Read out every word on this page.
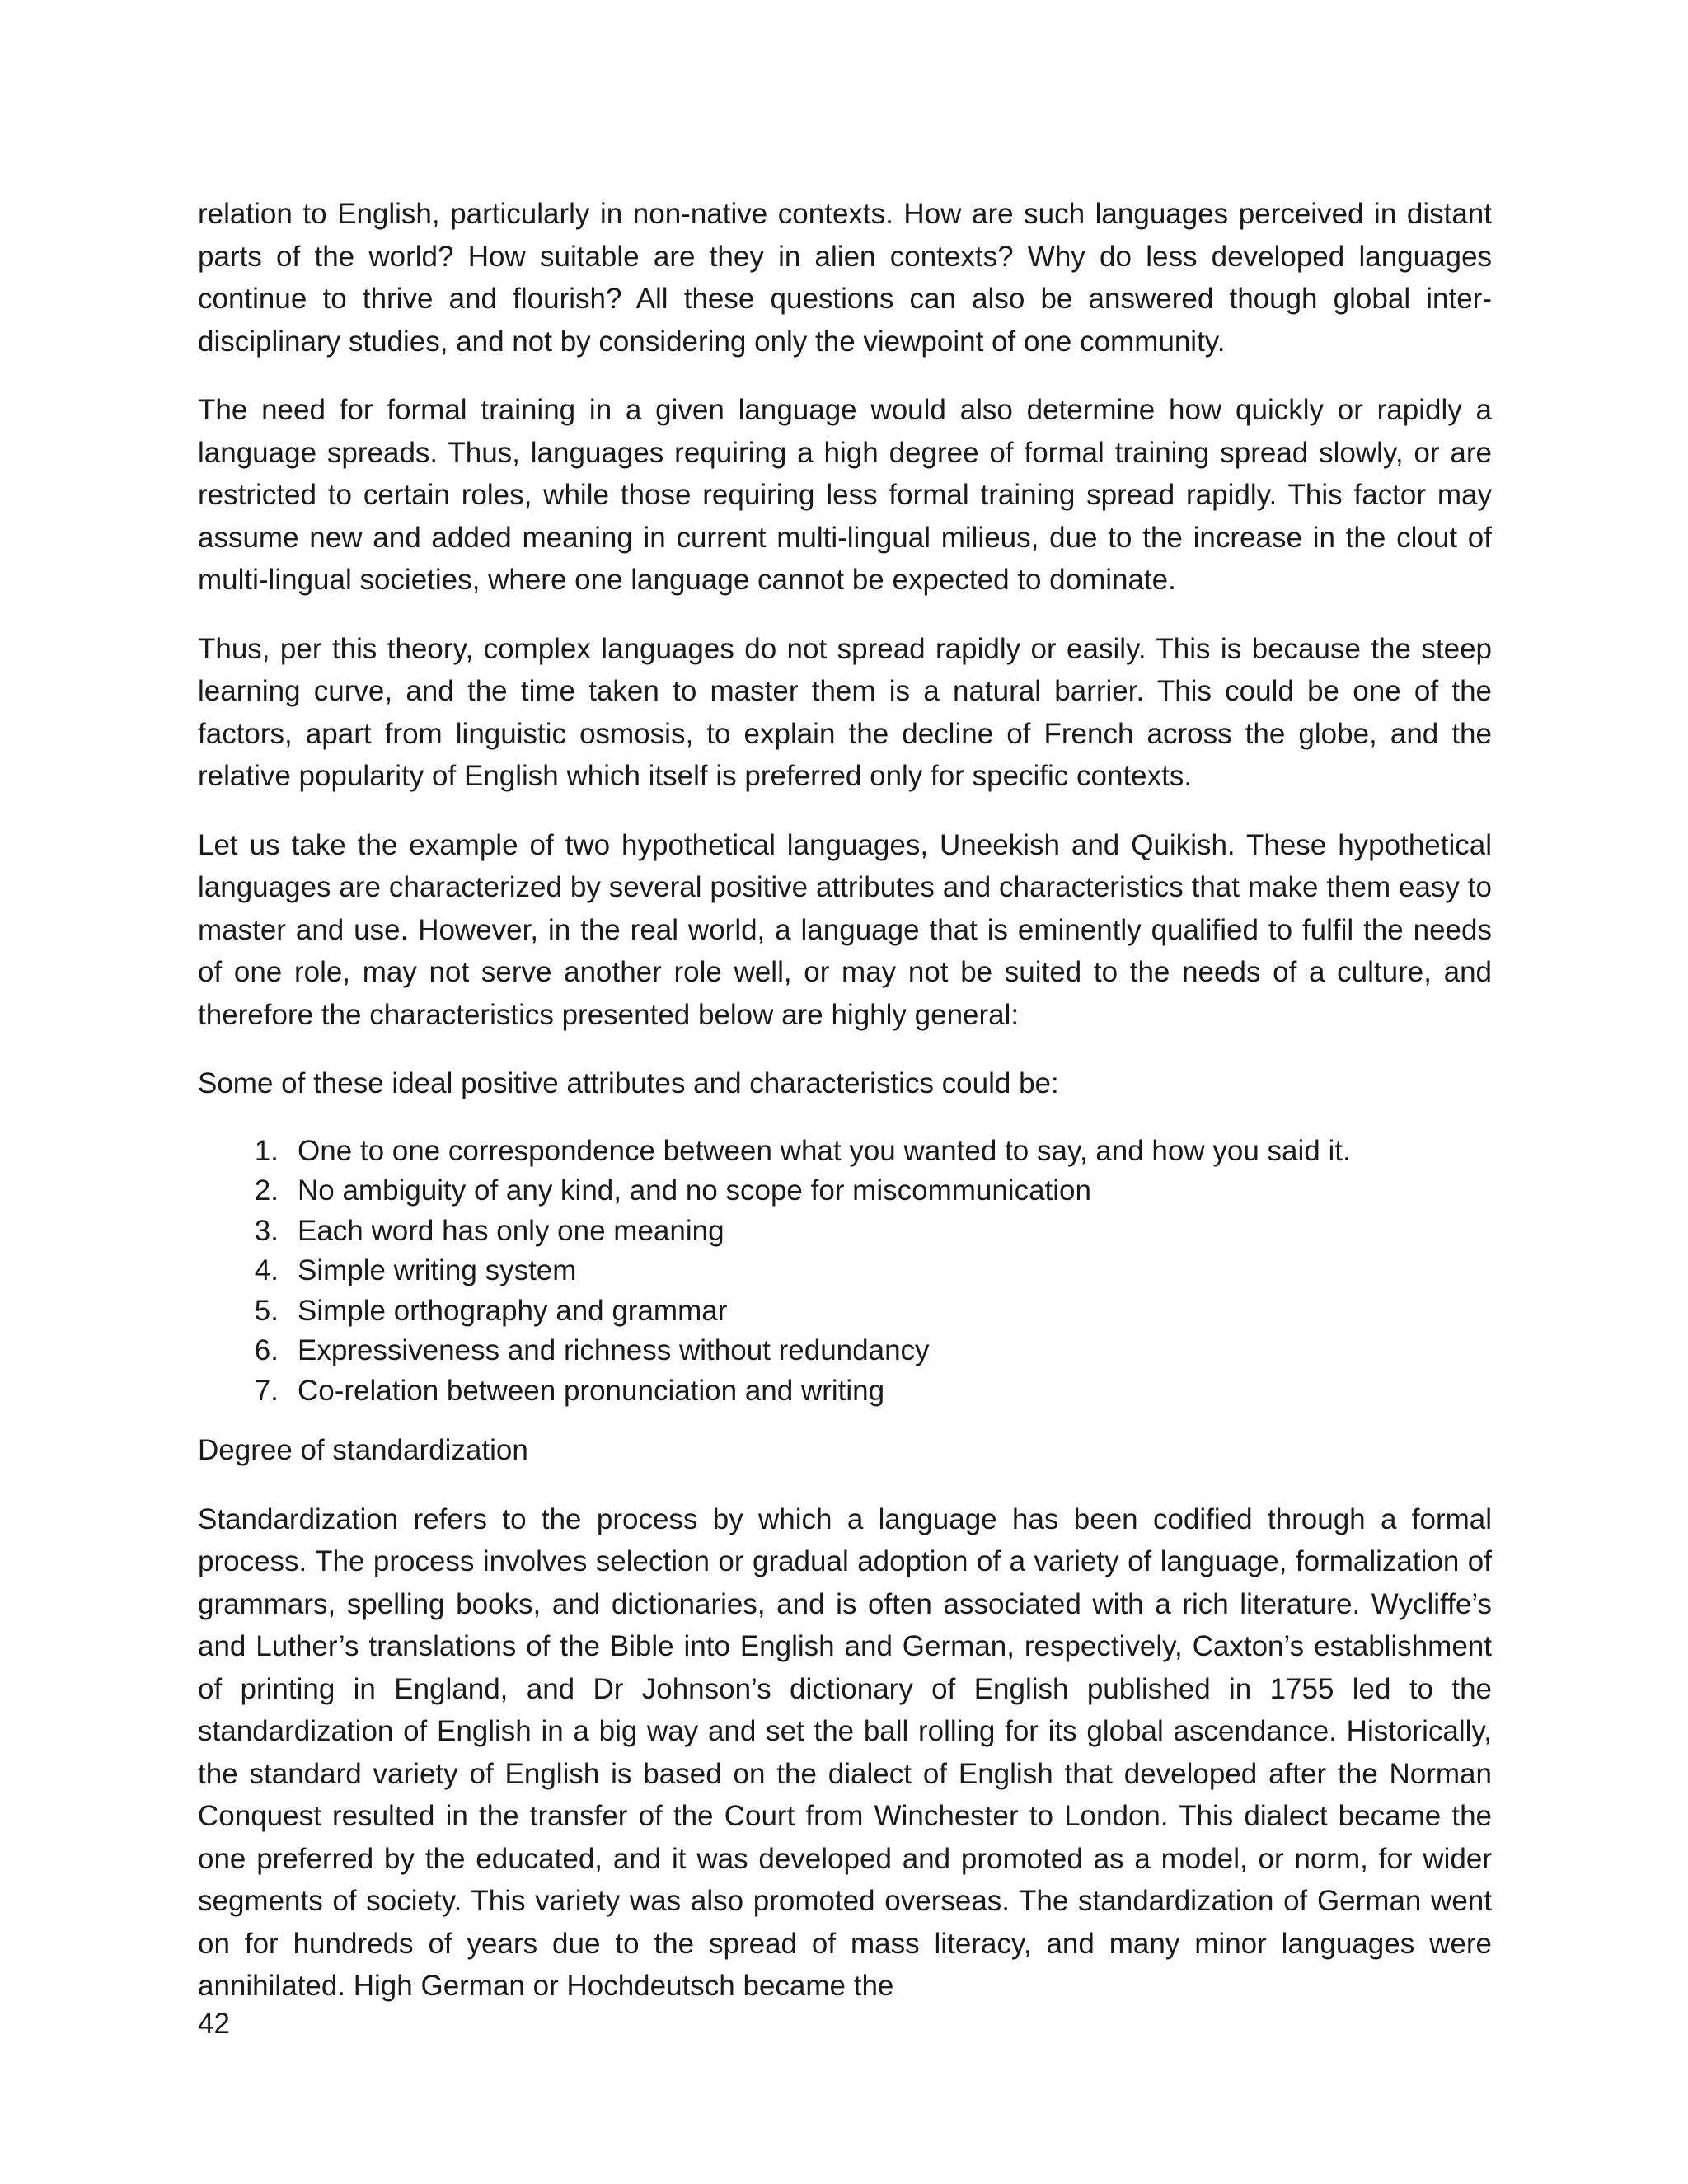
relation to English, particularly in non-native contexts. How are such languages perceived in distant parts of the world? How suitable are they in alien contexts? Why do less developed languages continue to thrive and flourish? All these questions can also be answered though global inter-disciplinary studies, and not by considering only the viewpoint of one community.

The need for formal training in a given language would also determine how quickly or rapidly a language spreads. Thus, languages requiring a high degree of formal training spread slowly, or are restricted to certain roles, while those requiring less formal training spread rapidly. This factor may assume new and added meaning in current multi-lingual milieus, due to the increase in the clout of multi-lingual societies, where one language cannot be expected to dominate.

Thus, per this theory, complex languages do not spread rapidly or easily. This is because the steep learning curve, and the time taken to master them is a natural barrier. This could be one of the factors, apart from linguistic osmosis, to explain the decline of French across the globe, and the relative popularity of English which itself is preferred only for specific contexts.

Let us take the example of two hypothetical languages, Uneekish and Quikish. These hypothetical languages are characterized by several positive attributes and characteristics that make them easy to master and use. However, in the real world, a language that is eminently qualified to fulfil the needs of one role, may not serve another role well, or may not be suited to the needs of a culture, and therefore the characteristics presented below are highly general:

Some of these ideal positive attributes and characteristics could be:

1. One to one correspondence between what you wanted to say, and how you said it.
2. No ambiguity of any kind, and no scope for miscommunication
3. Each word has only one meaning
4. Simple writing system
5. Simple orthography and grammar
6. Expressiveness and richness without redundancy
7. Co-relation between pronunciation and writing

Degree of standardization

Standardization refers to the process by which a language has been codified through a formal process. The process involves selection or gradual adoption of a variety of language, formalization of grammars, spelling books, and dictionaries, and is often associated with a rich literature. Wycliffe’s and Luther’s translations of the Bible into English and German, respectively, Caxton’s establishment of printing in England, and Dr Johnson’s dictionary of English published in 1755 led to the standardization of English in a big way and set the ball rolling for its global ascendance. Historically, the standard variety of English is based on the dialect of English that developed after the Norman Conquest resulted in the transfer of the Court from Winchester to London. This dialect became the one preferred by the educated, and it was developed and promoted as a model, or norm, for wider segments of society. This variety was also promoted overseas. The standardization of German went on for hundreds of years due to the spread of mass literacy, and many minor languages were annihilated. High German or Hochdeutsch became the

42
